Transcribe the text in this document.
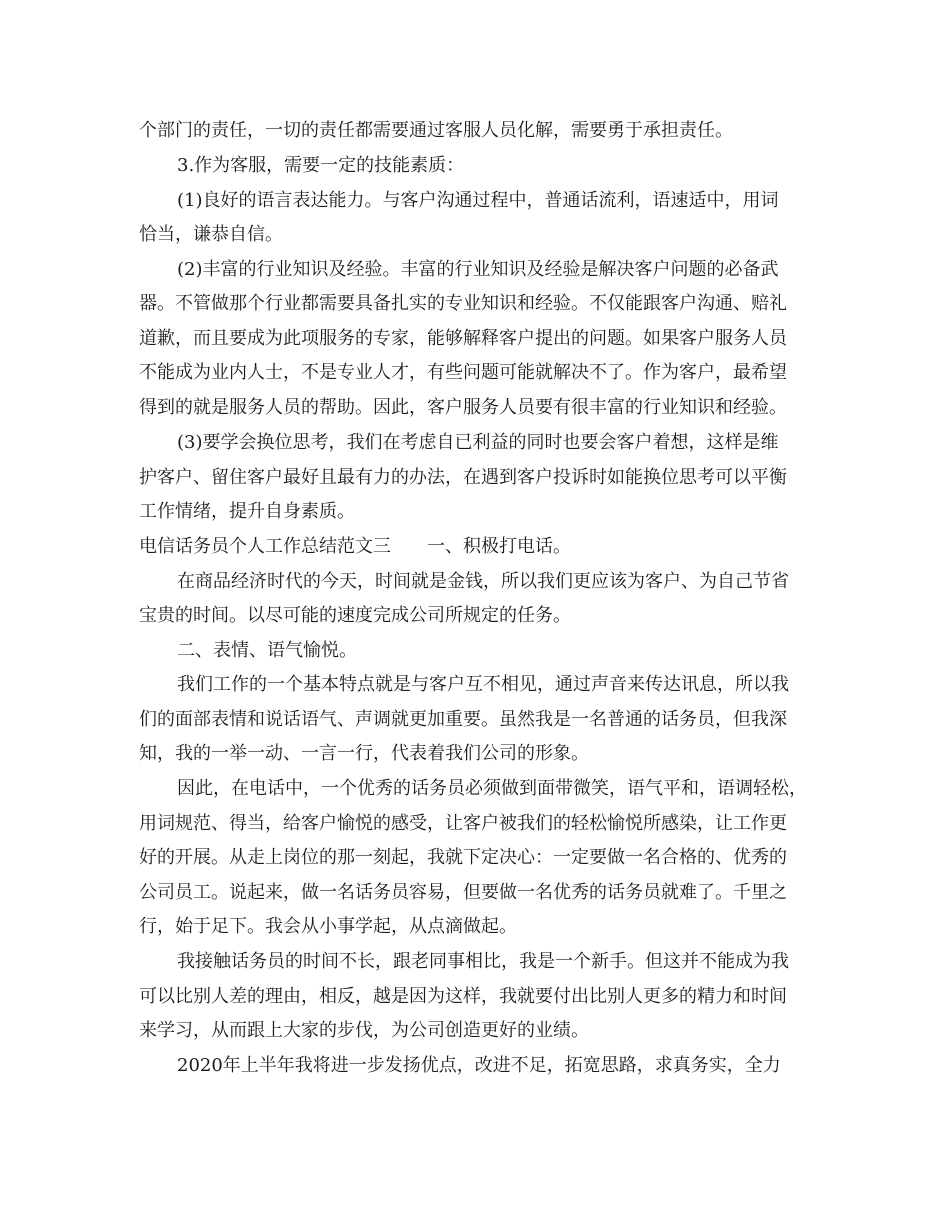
个部门的责任，一切的责任都需要通过客服人员化解，需要勇于承担责任。
3.作为客服，需要一定的技能素质：
(1)良好的语言表达能力。与客户沟通过程中，普通话流利，语速适中，用词
恰当，谦恭自信。
(2)丰富的行业知识及经验。丰富的行业知识及经验是解决客户问题的必备武
器。不管做那个行业都需要具备扎实的专业知识和经验。不仅能跟客户沟通、赔礼
道歉，而且要成为此项服务的专家，能够解释客户提出的问题。如果客户服务人员
不能成为业内人士，不是专业人才，有些问题可能就解决不了。作为客户，最希望
得到的就是服务人员的帮助。因此，客户服务人员要有很丰富的行业知识和经验。
(3)要学会换位思考，我们在考虑自已利益的同时也要会客户着想，这样是维
护客户、留住客户最好且最有力的办法，在遇到客户投诉时如能换位思考可以平衡
工作情绪，提升自身素质。
电信话务员个人工作总结范文三　　一、积极打电话。
在商品经济时代的今天，时间就是金钱，所以我们更应该为客户、为自己节省
宝贵的时间。以尽可能的速度完成公司所规定的任务。
二、表情、语气愉悦。
我们工作的一个基本特点就是与客户互不相见，通过声音来传达讯息，所以我
们的面部表情和说话语气、声调就更加重要。虽然我是一名普通的话务员，但我深
知，我的一举一动、一言一行，代表着我们公司的形象。
因此，在电话中，一个优秀的话务员必须做到面带微笑，语气平和，语调轻松，
用词规范、得当，给客户愉悦的感受，让客户被我们的轻松愉悦所感染，让工作更
好的开展。从走上岗位的那一刻起，我就下定决心：一定要做一名合格的、优秀的
公司员工。说起来，做一名话务员容易，但要做一名优秀的话务员就难了。千里之
行，始于足下。我会从小事学起，从点滴做起。
我接触话务员的时间不长，跟老同事相比，我是一个新手。但这并不能成为我
可以比别人差的理由，相反，越是因为这样，我就要付出比别人更多的精力和时间
来学习，从而跟上大家的步伐，为公司创造更好的业绩。
2020年上半年我将进一步发扬优点，改进不足，拓宽思路，求真务实，全力
